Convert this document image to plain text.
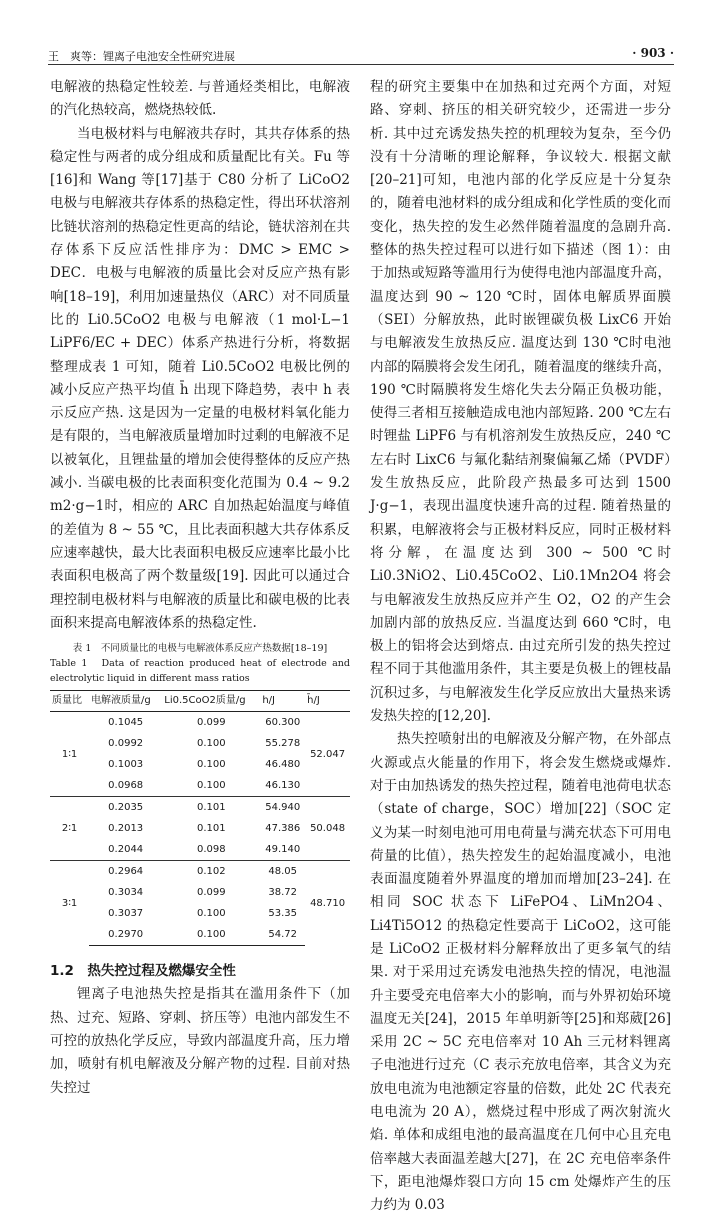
王　爽等：锂离子电池安全性研究进展	· 903 ·

电解液的热稳定性较差. 与普通烃类相比，电解液的汽化热较高，燃烧热较低.

当电极材料与电解液共存时，其共存体系的热稳定性与两者的成分组成和质量配比有关。Fu 等[16]和 Wang 等[17]基于 C80 分析了 LiCoO2 电极与电解液共存体系的热稳定性，得出环状溶剂比链状溶剂的热稳定性更高的结论，链状溶剂在共存体系下反应活性排序为：DMC > EMC > DEC．电极与电解液的质量比会对反应产热有影响[18–19]，利用加速量热仪（ARC）对不同质量比的 Li0.5CoO2 电极与电解液（1 mol·L−1 LiPF6/EC + DEC）体系产热进行分析，将数据整理成表 1 可知，随着 Li0.5CoO2 电极比例的减小反应产热平均值 h̄ 出现下降趋势，表中 h 表示反应产热. 这是因为一定量的电极材料氧化能力是有限的，当电解液质量增加时过剩的电解液不足以被氧化，且锂盐量的增加会使得整体的反应产热减小. 当碳电极的比表面积变化范围为 0.4 ~ 9.2 m2·g−1时，相应的 ARC 自加热起始温度与峰值的差值为 8 ~ 55 ℃，且比表面积越大共存体系反应速率越快，最大比表面积电极反应速率比最小比表面积电极高了两个数量级[19]. 因此可以通过合理控制电极材料与电解液的质量比和碳电极的比表面积来提高电解液体系的热稳定性.

表 1　不同质量比的电极与电解液体系反应产热数据[18–19]
Table 1　Data of reaction produced heat of electrode and electrolytic liquid in different mass ratios
质量比	电解液质量/g	Li0.5CoO2质量/g	h/J	h̄/J
1∶1	0.1045	0.099	60.300	52.047
	0.0992	0.100	55.278	
	0.1003	0.100	46.480	
	0.0968	0.100	46.130	
2∶1	0.2035	0.101	54.940	50.048
	0.2013	0.101	47.386	
	0.2044	0.098	49.140	
3∶1	0.2964	0.102	48.05	48.710
	0.3034	0.099	38.72	
	0.3037	0.100	53.35	
	0.2970	0.100	54.72	
1.2　热失控过程及燃爆安全性

锂离子电池热失控是指其在滥用条件下（加热、过充、短路、穿刺、挤压等）电池内部发生不可控的放热化学反应，导致内部温度升高，压力增加，喷射有机电解液及分解产物的过程. 目前对热失控过

程的研究主要集中在加热和过充两个方面，对短路、穿刺、挤压的相关研究较少，还需进一步分析. 其中过充诱发热失控的机理较为复杂，至今仍没有十分清晰的理论解释，争议较大. 根据文献[20–21]可知，电池内部的化学反应是十分复杂的，随着电池材料的成分组成和化学性质的变化而变化，热失控的发生必然伴随着温度的急剧升高. 整体的热失控过程可以进行如下描述（图 1）：由于加热或短路等滥用行为使得电池内部温度升高，温度达到 90 ~ 120 ℃时，固体电解质界面膜（SEI）分解放热，此时嵌锂碳负极 LixC6 开始与电解液发生放热反应. 温度达到 130 ℃时电池内部的隔膜将会发生闭孔，随着温度的继续升高，190 ℃时隔膜将发生熔化失去分隔正负极功能，使得三者相互接触造成电池内部短路. 200 ℃左右时锂盐 LiPF6 与有机溶剂发生放热反应，240 ℃左右时 LixC6 与氟化黏结剂聚偏氟乙烯（PVDF）发生放热反应，此阶段产热最多可达到 1500 J·g−1，表现出温度快速升高的过程. 随着热量的积累，电解液将会与正极材料反应，同时正极材料将分解，在温度达到 300 ~ 500 ℃时 Li0.3NiO2、Li0.45CoO2、Li0.1Mn2O4 将会与电解液发生放热反应并产生 O2，O2 的产生会加剧内部的放热反应. 当温度达到 660 ℃时，电极上的铝将会达到熔点. 由过充所引发的热失控过程不同于其他滥用条件，其主要是负极上的锂枝晶沉积过多，与电解液发生化学反应放出大量热来诱发热失控的[12,20].

热失控喷射出的电解液及分解产物，在外部点火源或点火能量的作用下，将会发生燃烧或爆炸. 对于由加热诱发的热失控过程，随着电池荷电状态（state of charge，SOC）增加[22]（SOC 定义为某一时刻电池可用电荷量与满充状态下可用电荷量的比值），热失控发生的起始温度减小，电池表面温度随着外界温度的增加而增加[23–24]. 在相同 SOC 状态下 LiFePO4、LiMn2O4、Li4Ti5O12 的热稳定性要高于 LiCoO2，这可能是 LiCoO2 正极材料分解释放出了更多氧气的结果. 对于采用过充诱发电池热失控的情况，电池温升主要受充电倍率大小的影响，而与外界初始环境温度无关[24]，2015 年单明新等[25]和郑葳[26]采用 2C ~ 5C 充电倍率对 10 Ah 三元材料锂离子电池进行过充（C 表示充放电倍率，其含义为充放电电流为电池额定容量的倍数，此处 2C 代表充电电流为 20 A），燃烧过程中形成了两次射流火焰. 单体和成组电池的最高温度在几何中心且充电倍率越大表面温差越大[27]，在 2C 充电倍率条件下，距电池爆炸裂口方向 15 cm 处爆炸产生的压力约为 0.03
